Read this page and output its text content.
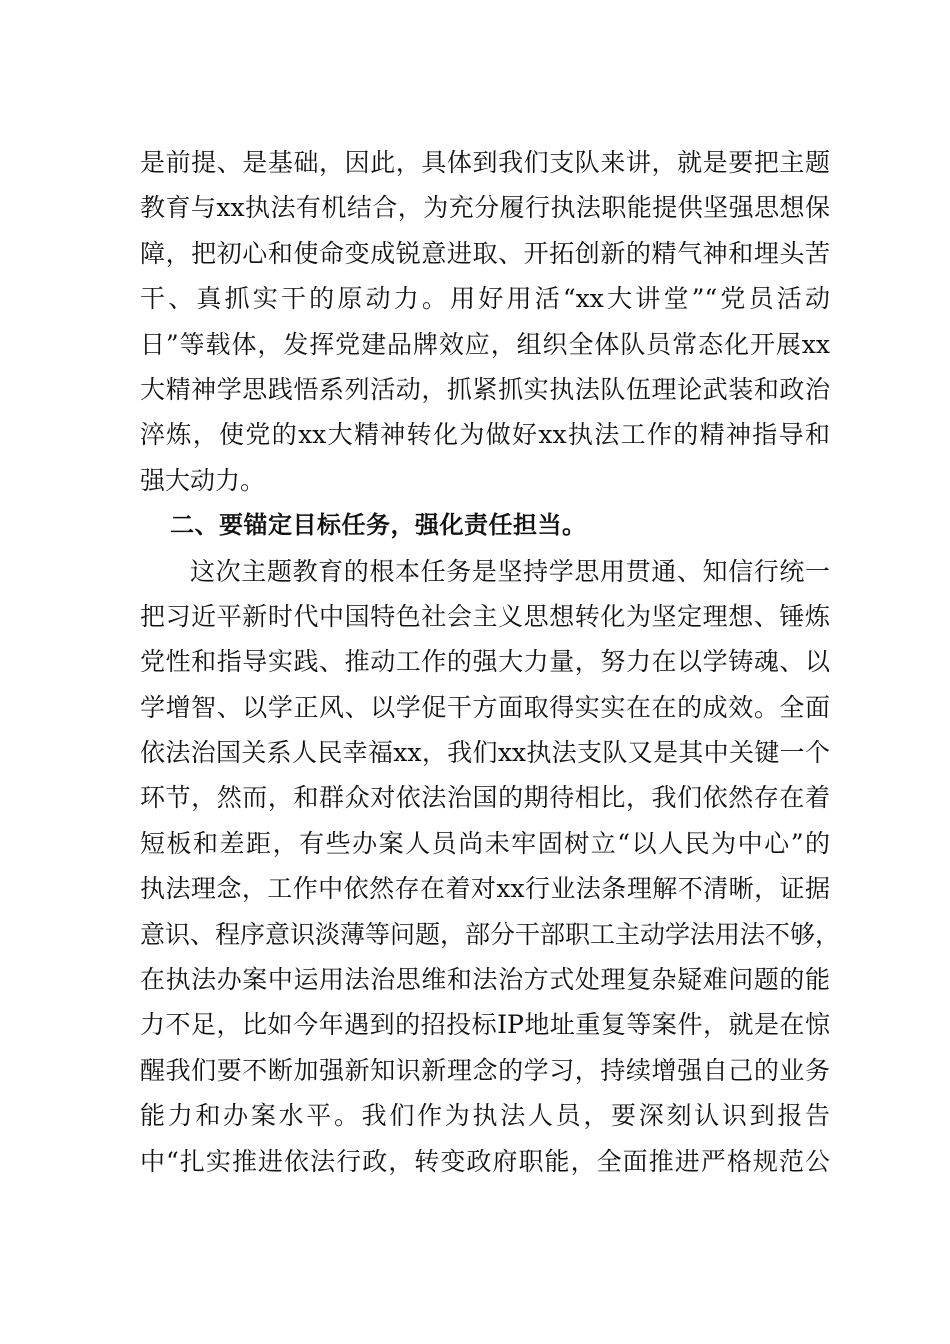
是前提、是基础，因此，具体到我们支队来讲，就是要把主题
教育与xx执法有机结合，为充分履行执法职能提供坚强思想保
障，把初心和使命变成锐意进取、开拓创新的精气神和埋头苦
干、真抓实干的原动力。用好用活“xx大讲堂”“党员活动
日”等载体，发挥党建品牌效应，组织全体队员常态化开展xx
大精神学思践悟系列活动，抓紧抓实执法队伍理论武装和政治
淬炼，使党的xx大精神转化为做好xx执法工作的精神指导和
强大动力。
二、要锚定目标任务，强化责任担当。
这次主题教育的根本任务是坚持学思用贯通、知信行统一
把习近平新时代中国特色社会主义思想转化为坚定理想、锤炼
党性和指导实践、推动工作的强大力量，努力在以学铸魂、以
学增智、以学正风、以学促干方面取得实实在在的成效。全面
依法治国关系人民幸福xx，我们xx执法支队又是其中关键一个
环节，然而，和群众对依法治国的期待相比，我们依然存在着
短板和差距，有些办案人员尚未牢固树立“以人民为中心”的
执法理念，工作中依然存在着对xx行业法条理解不清晰，证据
意识、程序意识淡薄等问题，部分干部职工主动学法用法不够，
在执法办案中运用法治思维和法治方式处理复杂疑难问题的能
力不足，比如今年遇到的招投标IP地址重复等案件，就是在惊
醒我们要不断加强新知识新理念的学习，持续增强自己的业务
能力和办案水平。我们作为执法人员，要深刻认识到报告
中“扎实推进依法行政，转变政府职能，全面推进严格规范公
